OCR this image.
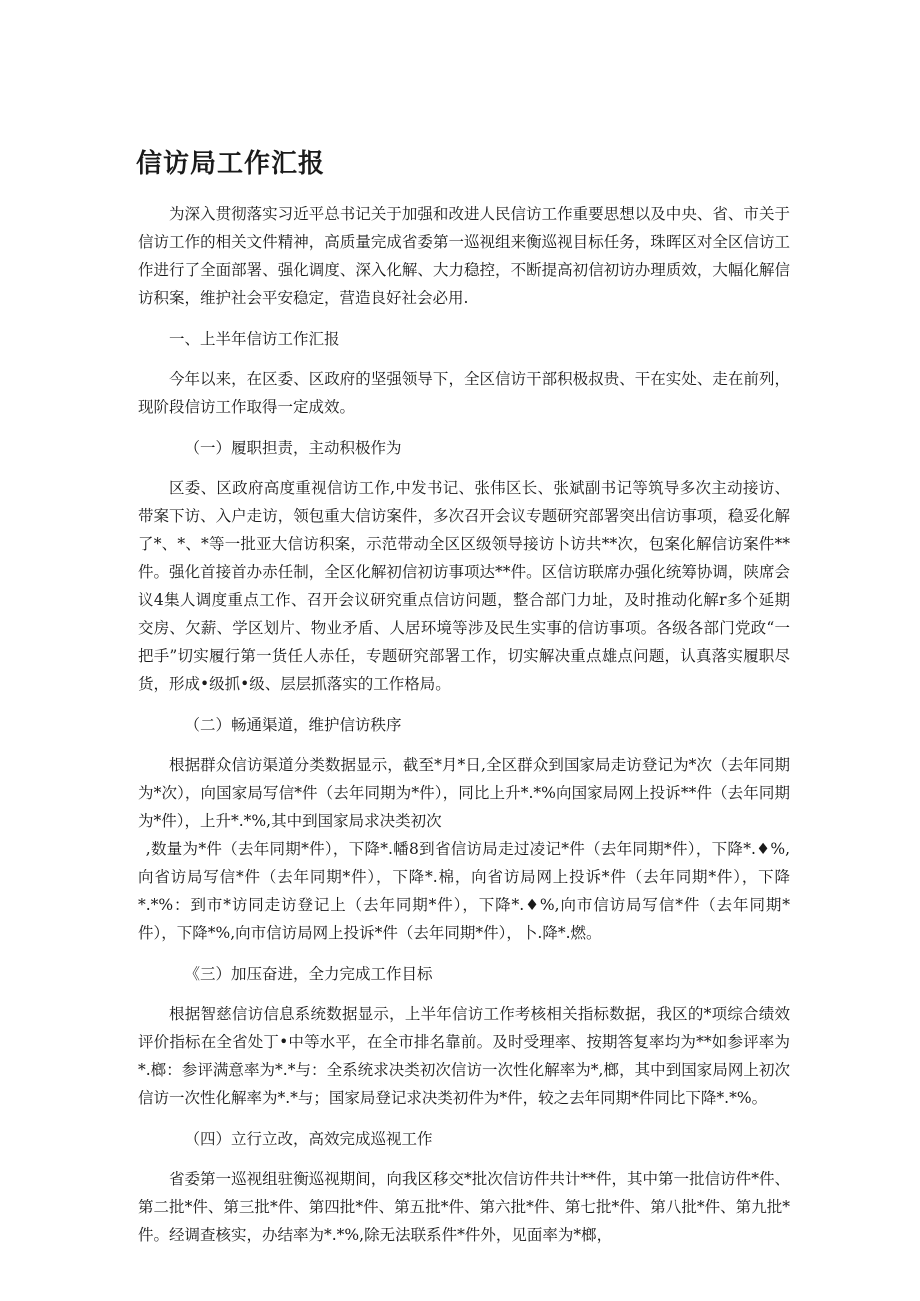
信访局工作汇报

为深入贯彻落实习近平总书记关于加强和改进人民信访工作重要思想以及中央、省、市关于信访工作的相关文件精神，高质量完成省委第一巡视组来衡巡视目标任务，珠晖区对全区信访工作进行了全面部署、强化调度、深入化解、大力稳控，不断提高初信初访办理质效，大幅化解信访积案，维护社会平安稳定，营造良好社会必用.

一、上半年信访工作汇报

今年以来，在区委、区政府的坚强领导下，全区信访干部积极叔贵、干在实处、走在前列，现阶段信访工作取得一定成效。

（一）履职担责，主动积极作为

区委、区政府高度重视信访工作,中发书记、张伟区长、张斌副书记等筑导多次主动接访、带案下访、入户走访，领包重大信访案件，多次召开会议专题研究部署突出信访事项，稳妥化解了*、*、*等一批亚大信访积案，示范带动全区区级领导接访卜访共**次，包案化解信访案件**件。强化首接首办赤任制，全区化解初信初访事项达**件。区信访联席办强化统筹协调，陕席会议4集人调度重点工作、召开会议研究重点信访问题，整合部门力址，及时推动化解r多个延期交房、欠薪、学区划片、物业矛盾、人居环境等涉及民生实事的信访事项。各级各部门党政“一把手”切实履行第一货任人赤任，专题研究部署工作，切实解决重点雄点问题，认真落实履职尽货，形成•级抓•级、层层抓落实的工作格局。

（二）畅通渠道，维护信访秩序

根据群众信访渠道分类数据显示，截至*月*日,全区群众到国家局走访登记为*次（去年同期为*次），向国家局写信*件（去年同期为*件），同比上升*.*%向国家局网上投诉**件（去年同期为*件），上升*.*%,其中到国家局求决类初次

,数量为*件（去年同期*件），下降*.幡8到省信访局走过凌记*件（去年同期*件），下降*.♦%,向省访局写信*件（去年同期*件），下降*.棉，向省访局网上投诉*件（去年同期*件），下降*.*%：到市*访同走访登记上（去年同期*件），下降*.♦%,向市信访局写信*件（去年同期*件），下降*%,向市信访局网上投诉*件（去年同期*件），卜.降*.燃。

《三）加压奋进，全力完成工作目标

根据智慈信访信息系统数据显示，上半年信访工作考核相关指标数据，我区的*项综合绩效评价指标在全省处丁•中等水平，在全市排名靠前。及时受理率、按期答复率均为**如参评率为*.榔：参评满意率为*.*与：全系统求决类初次信访一次性化解率为*,榔，其中到国家局网上初次信访一次性化解率为*.*与；国家局登记求决类初件为*件，较之去年同期*件同比下降*.*%。

（四）立行立改，高效完成巡视工作

省委第一巡视组驻衡巡视期间，向我区移交*批次信访件共计**件，其中第一批信访件*件、第二批*件、第三批*件、第四批*件、第五批*件、第六批*件、第七批*件、第八批*件、第九批*件。经调查核实，办结率为*.*%,除无法联系件*件外，见面率为*榔，
